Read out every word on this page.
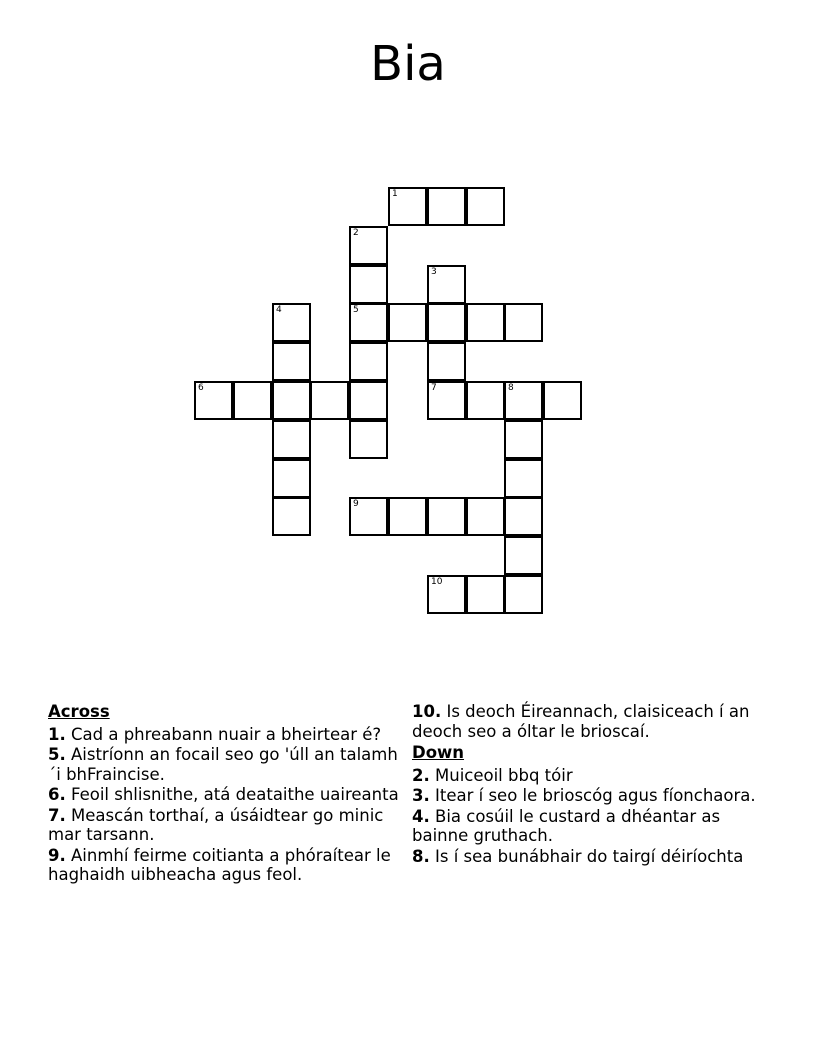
Bia
1
2
3
4	5
6	7	8
9
10
Across
1. Cad a phreabann nuair a bheirtear é?
5. Aistríonn an focail seo go 'úll an talamh´i bhFraincise.
6. Feoil shlisnithe, atá deataithe uaireanta
7. Meascán torthaí, a úsáidtear go minic mar tarsann.
9. Ainmhí feirme coitianta a phóraítear le haghaidh uibheacha agus feol.
10. Is deoch Éireannach, claisiceach í an deoch seo a óltar le brioscaí.
Down
2. Muiceoil bbq tóir
3. Itear í seo le brioscóg agus fíonchaora.
4. Bia cosúil le custard a dhéantar as bainne gruthach.
8. Is í sea bunábhair do tairgí déiríochta
